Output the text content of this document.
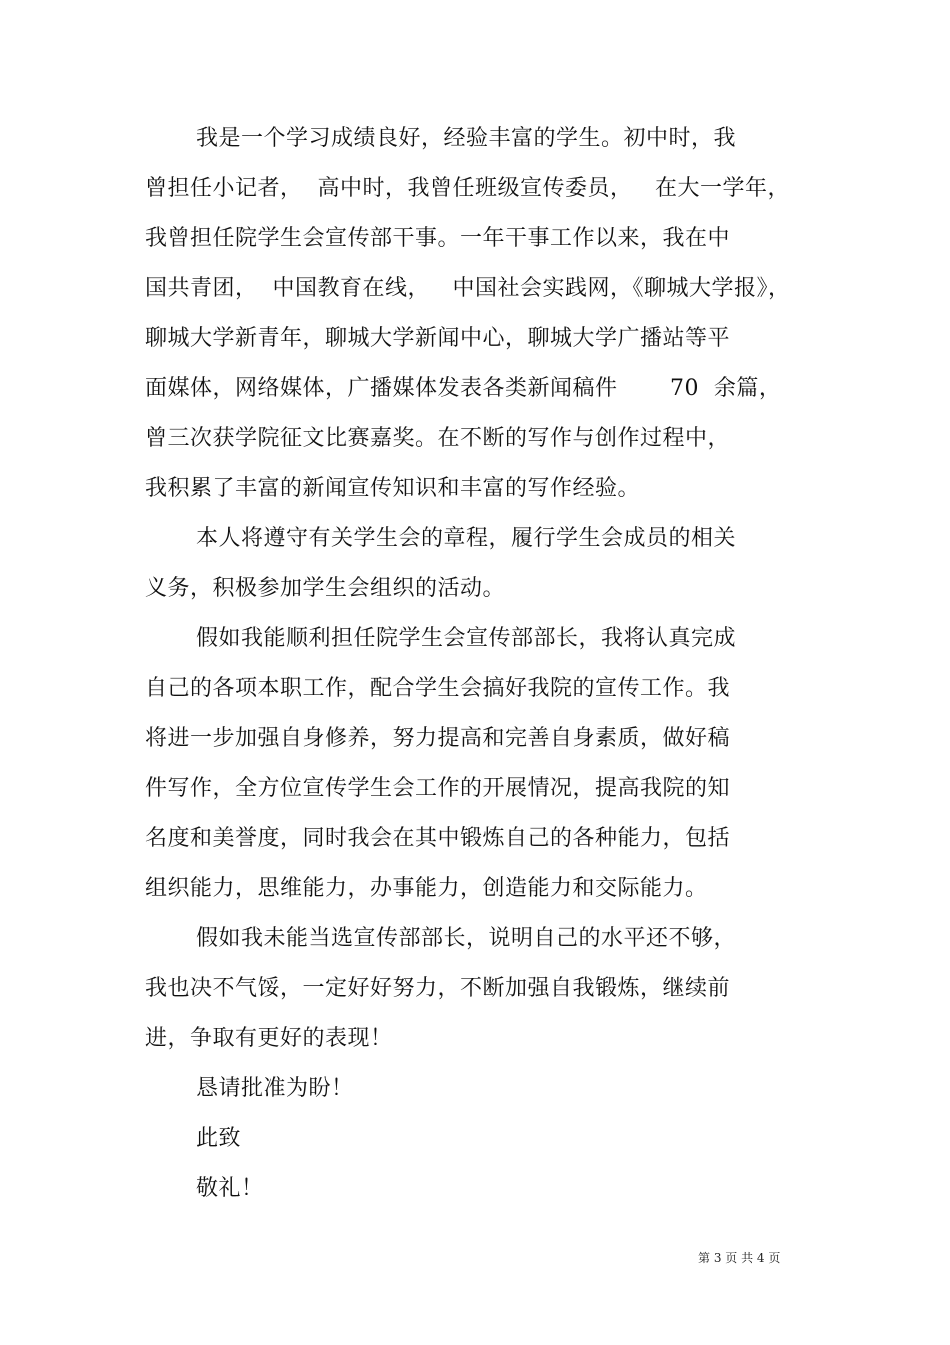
我是一个学习成绩良好，经验丰富的学生。初中时，我
曾担任小记者，  高中时，我曾任班级宣传委员，   在大一学年，
我曾担任院学生会宣传部干事。一年干事工作以来，我在中
国共青团，  中国教育在线，   中国社会实践网，《聊城大学报》，
聊城大学新青年，聊城大学新闻中心，聊城大学广播站等平
面媒体，网络媒体，广播媒体发表各类新闻稿件       70  余篇，
曾三次获学院征文比赛嘉奖。在不断的写作与创作过程中，
我积累了丰富的新闻宣传知识和丰富的写作经验。
本人将遵守有关学生会的章程，履行学生会成员的相关
义务，积极参加学生会组织的活动。
假如我能顺利担任院学生会宣传部部长，我将认真完成
自己的各项本职工作，配合学生会搞好我院的宣传工作。我
将进一步加强自身修养，努力提高和完善自身素质，做好稿
件写作，全方位宣传学生会工作的开展情况，提高我院的知
名度和美誉度，同时我会在其中锻炼自己的各种能力，包括
组织能力，思维能力，办事能力，创造能力和交际能力。
假如我未能当选宣传部部长，说明自己的水平还不够，
我也决不气馁，一定好好努力，不断加强自我锻炼，继续前
进，争取有更好的表现！
恳请批准为盼！
此致
敬礼！
第 3 页 共 4 页
